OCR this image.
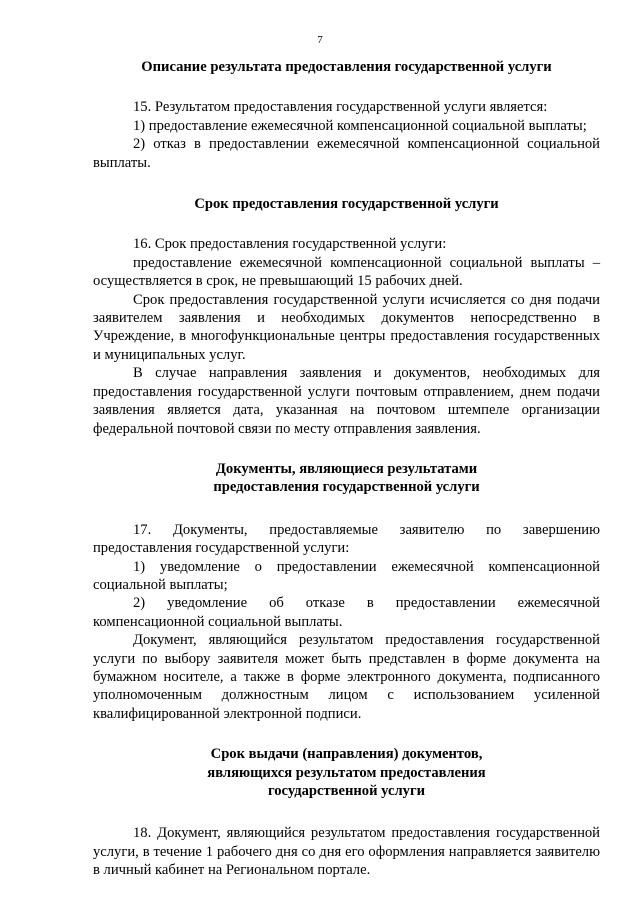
7

Описание результата предоставления государственной услуги

15. Результатом предоставления государственной услуги является:

1) предоставление ежемесячной компенсационной социальной выплаты;

2) отказ в предоставлении ежемесячной компенсационной социальной выплаты.

Срок предоставления государственной услуги

16. Срок предоставления государственной услуги:

предоставление ежемесячной компенсационной социальной выплаты – осуществляется в срок, не превышающий 15 рабочих дней.

Срок предоставления государственной услуги исчисляется со дня подачи заявителем заявления и необходимых документов непосредственно в Учреждение, в многофункциональные центры предоставления государственных и муниципальных услуг.

В случае направления заявления и документов, необходимых для предоставления государственной услуги почтовым отправлением, днем подачи заявления является дата, указанная на почтовом штемпеле организации федеральной почтовой связи по месту отправления заявления.

Документы, являющиеся результатами
предоставления государственной услуги

17. Документы, предоставляемые заявителю по завершению предоставления государственной услуги:

1) уведомление о предоставлении ежемесячной компенсационной социальной выплаты;

2) уведомление об отказе в предоставлении ежемесячной компенсационной социальной выплаты.

Документ, являющийся результатом предоставления государственной услуги по выбору заявителя может быть представлен в форме документа на бумажном носителе, а также в форме электронного документа, подписанного уполномоченным должностным лицом с использованием усиленной квалифицированной электронной подписи.

Срок выдачи (направления) документов,
являющихся результатом предоставления
государственной услуги

18. Документ, являющийся результатом предоставления государственной услуги, в течение 1 рабочего дня со дня его оформления направляется заявителю в личный кабинет на Региональном портале.
